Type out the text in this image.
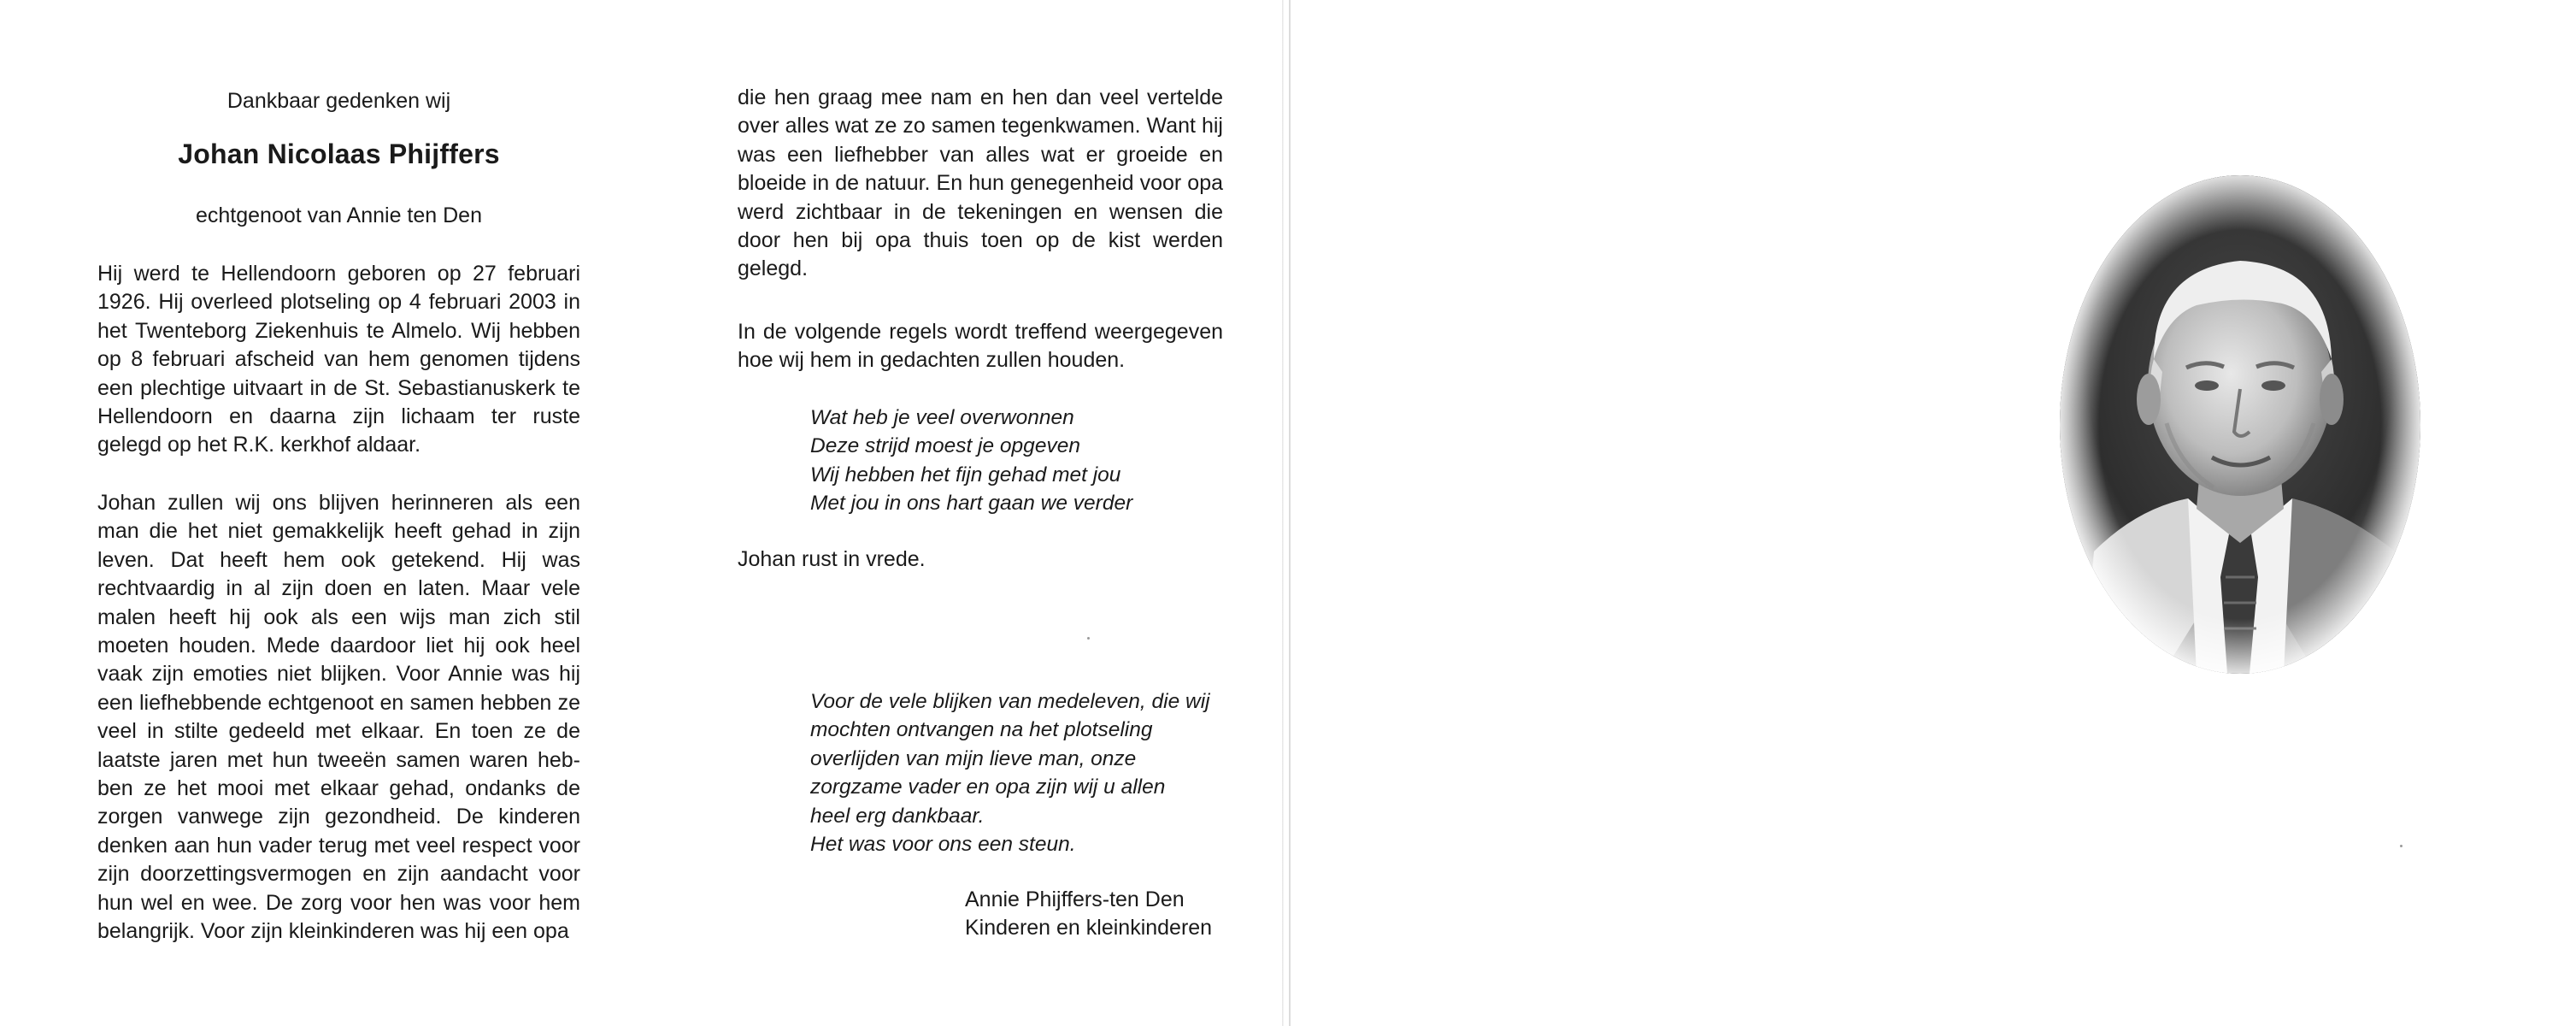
Dankbaar gedenken wij
Johan Nicolaas Phijffers
echtgenoot van Annie ten Den
Hij werd te Hellendoorn geboren op 27 februari 1926. Hij overleed plotseling op 4 februari 2003 in het Twenteborg Ziekenhuis te Almelo. Wij hebben op 8 februari afscheid van hem genomen tijdens een plechtige uitvaart in de St. Sebastianuskerk te Hellendoorn en daarna zijn lichaam ter ruste gelegd op het R.K. kerkhof aldaar.
Johan zullen wij ons blijven herinneren als een man die het niet gemakkelijk heeft gehad in zijn leven. Dat heeft hem ook getekend. Hij was rechtvaardig in al zijn doen en laten. Maar vele malen heeft hij ook als een wijs man zich stil moeten houden. Mede daardoor liet hij ook heel vaak zijn emoties niet blijken. Voor Annie was hij een liefhebbende echtgenoot en samen hebben ze veel in stilte gedeeld met elkaar. En toen ze de laatste jaren met hun tweeën samen waren heb-ben ze het mooi met elkaar gehad, ondanks de zorgen vanwege zijn gezondheid. De kinderen denken aan hun vader terug met veel respect voor zijn doorzettingsvermogen en zijn aandacht voor hun wel en wee. De zorg voor hen was voor hem belangrijk. Voor zijn kleinkinderen was hij een opa
die hen graag mee nam en hen dan veel vertelde over alles wat ze zo samen tegenkwamen. Want hij was een liefhebber van alles wat er groeide en bloeide in de natuur. En hun genegenheid voor opa werd zichtbaar in de tekeningen en wensen die door hen bij opa thuis toen op de kist werden gelegd.
In de volgende regels wordt treffend weergegeven hoe wij hem in gedachten zullen houden.
Wat heb je veel overwonnen
Deze strijd moest je opgeven
Wij hebben het fijn gehad met jou
Met jou in ons hart gaan we verder
Johan rust in vrede.
Voor de vele blijken van medeleven, die wij
mochten ontvangen na het plotseling
overlijden van mijn lieve man, onze
zorgzame vader en opa zijn wij u allen
heel erg dankbaar.
Het was voor ons een steun.
Annie Phijffers-ten Den
Kinderen en kleinkinderen
